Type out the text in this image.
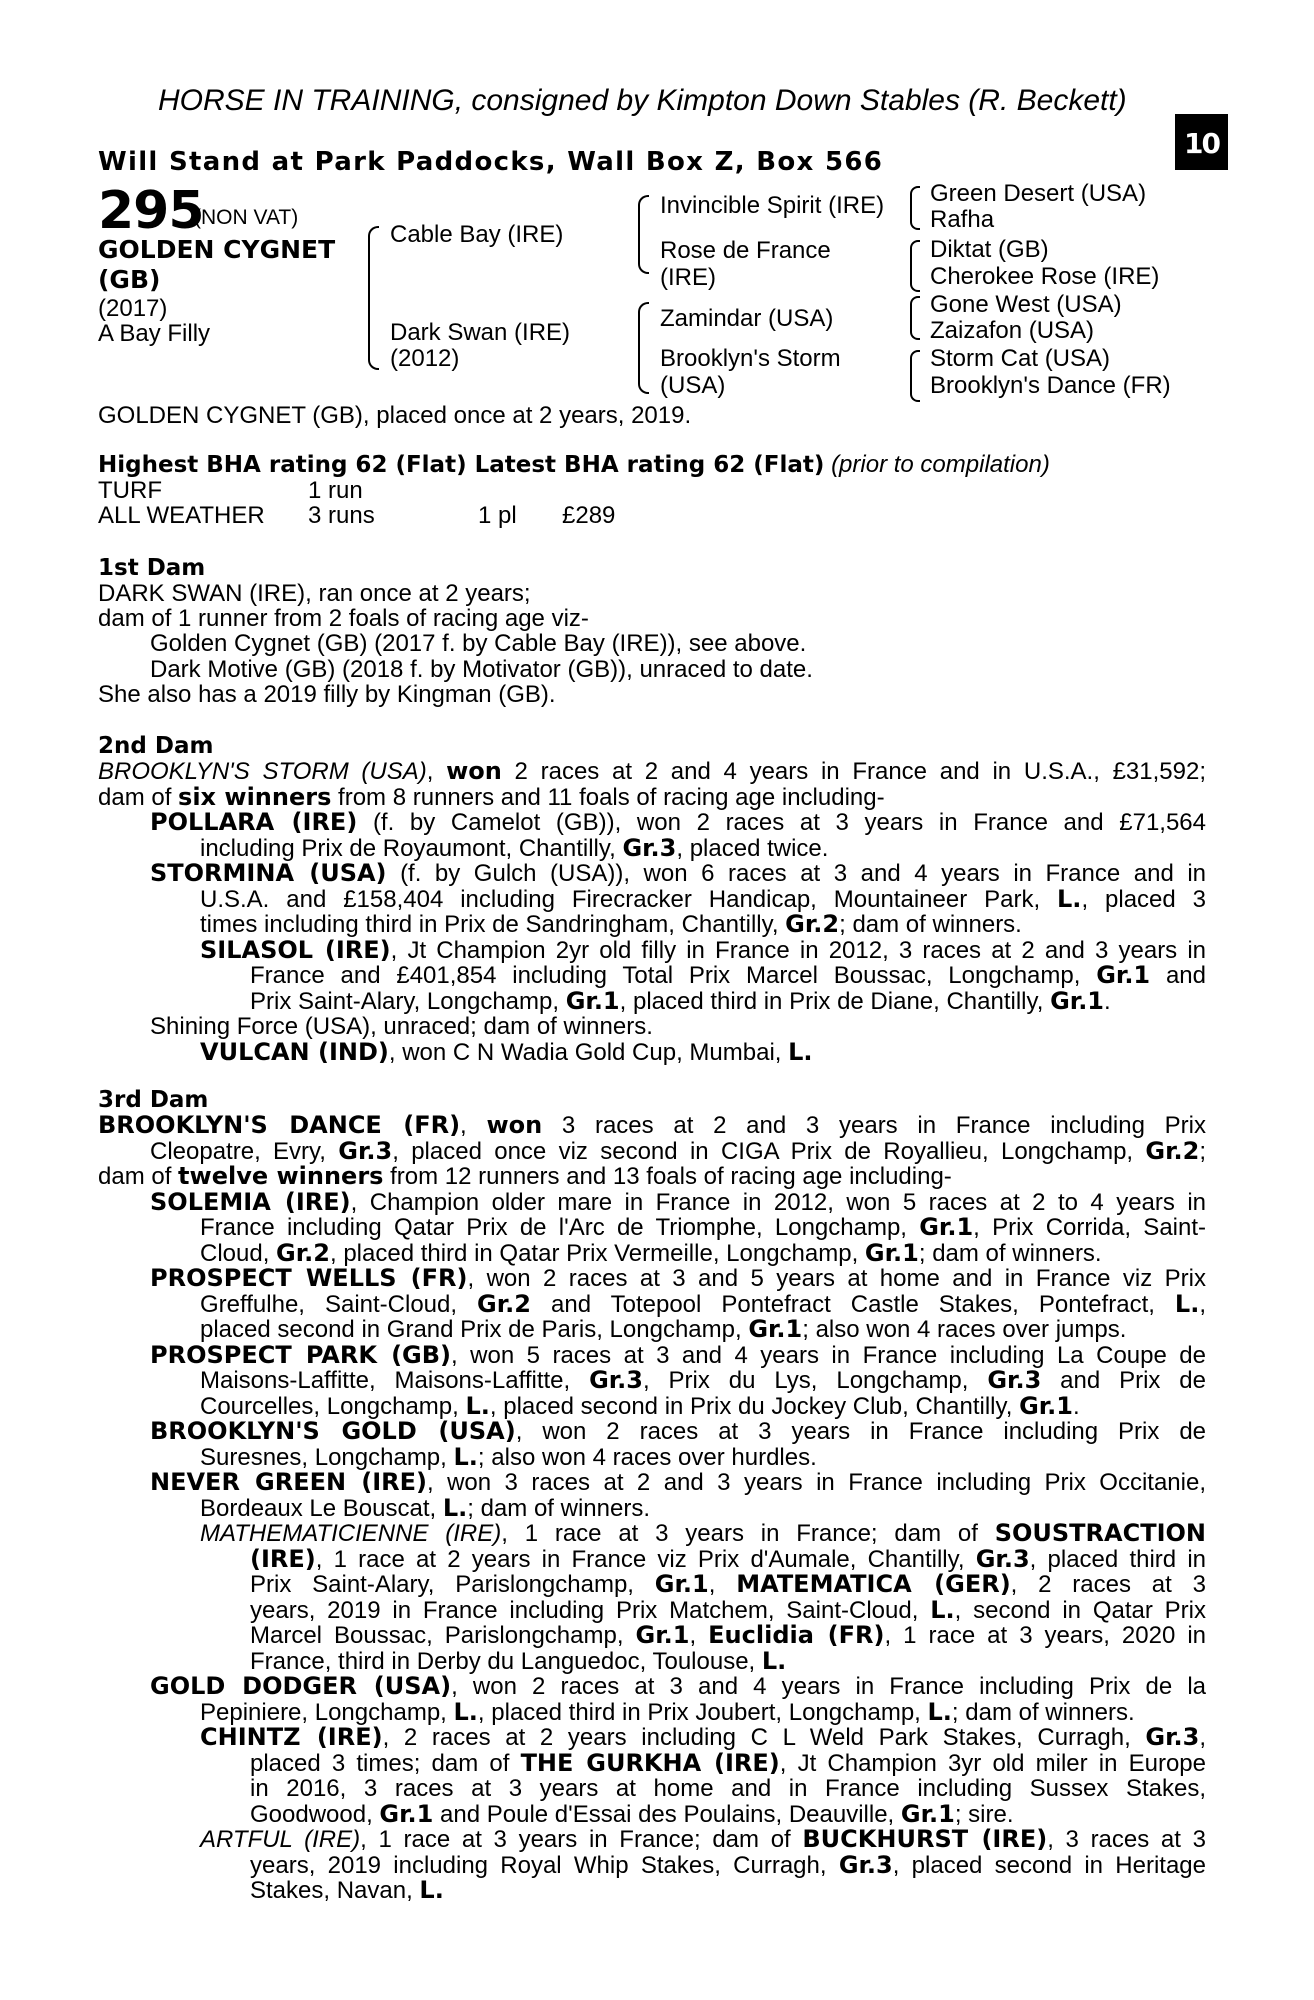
HORSE IN TRAINING, consigned by Kimpton Down Stables (R. Beckett)
Will Stand at Park Paddocks, Wall Box Z, Box 566
+
10
295
(NON VAT)
GOLDEN CYGNET
(GB)
(2017)
A Bay Filly
Cable Bay (IRE)
Dark Swan (IRE)
(2012)
Invincible Spirit (IRE)
Rose de France
(IRE)
Zamindar (USA)
Brooklyn's Storm
(USA)
Green Desert (USA)
Rafha
Diktat (GB)
Cherokee Rose (IRE)
Gone West (USA)
Zaizafon (USA)
Storm Cat (USA)
Brooklyn's Dance (FR)
GOLDEN CYGNET (GB), placed once at 2 years, 2019.
Highest BHA rating 62 (Flat) Latest BHA rating 62 (Flat) (prior to compilation)
TURF	1 run
ALL WEATHER 3 runs	1 pl £289
1st Dam
DARK SWAN (IRE), ran once at 2 years;
dam of 1 runner from 2 foals of racing age viz-
Golden Cygnet (GB) (2017 f. by Cable Bay (IRE)), see above.
Dark Motive (GB) (2018 f. by Motivator (GB)), unraced to date.
She also has a 2019 filly by Kingman (GB).
2nd Dam
BROOKLYN'S STORM (USA), won 2 races at 2 and 4 years in France and in U.S.A., £31,592;
dam of six winners from 8 runners and 11 foals of racing age including-
POLLARA (IRE) (f. by Camelot (GB)), won 2 races at 3 years in France and £71,564
including Prix de Royaumont, Chantilly, Gr.3, placed twice.
STORMINA (USA) (f. by Gulch (USA)), won 6 races at 3 and 4 years in France and in
U.S.A. and £158,404 including Firecracker Handicap, Mountaineer Park, L., placed 3
times including third in Prix de Sandringham, Chantilly, Gr.2; dam of winners.
SILASOL (IRE), Jt Champion 2yr old filly in France in 2012, 3 races at 2 and 3 years in
France and £401,854 including Total Prix Marcel Boussac, Longchamp, Gr.1 and
Prix Saint-Alary, Longchamp, Gr.1, placed third in Prix de Diane, Chantilly, Gr.1.
Shining Force (USA), unraced; dam of winners.
VULCAN (IND), won C N Wadia Gold Cup, Mumbai, L.
3rd Dam
BROOKLYN'S DANCE (FR), won 3 races at 2 and 3 years in France including Prix
Cleopatre, Evry, Gr.3, placed once viz second in CIGA Prix de Royallieu, Longchamp, Gr.2;
dam of twelve winners from 12 runners and 13 foals of racing age including-
SOLEMIA (IRE), Champion older mare in France in 2012, won 5 races at 2 to 4 years in
France including Qatar Prix de l'Arc de Triomphe, Longchamp, Gr.1, Prix Corrida, Saint-
Cloud, Gr.2, placed third in Qatar Prix Vermeille, Longchamp, Gr.1; dam of winners.
PROSPECT WELLS (FR), won 2 races at 3 and 5 years at home and in France viz Prix
Greffulhe, Saint-Cloud, Gr.2 and Totepool Pontefract Castle Stakes, Pontefract, L.,
placed second in Grand Prix de Paris, Longchamp, Gr.1; also won 4 races over jumps.
PROSPECT PARK (GB), won 5 races at 3 and 4 years in France including La Coupe de
Maisons-Laffitte, Maisons-Laffitte, Gr.3, Prix du Lys, Longchamp, Gr.3 and Prix de
Courcelles, Longchamp, L., placed second in Prix du Jockey Club, Chantilly, Gr.1.
BROOKLYN'S GOLD (USA), won 2 races at 3 years in France including Prix de
Suresnes, Longchamp, L.; also won 4 races over hurdles.
NEVER GREEN (IRE), won 3 races at 2 and 3 years in France including Prix Occitanie,
Bordeaux Le Bouscat, L.; dam of winners.
MATHEMATICIENNE (IRE), 1 race at 3 years in France; dam of SOUSTRACTION
(IRE), 1 race at 2 years in France viz Prix d'Aumale, Chantilly, Gr.3, placed third in
Prix Saint-Alary, Parislongchamp, Gr.1, MATEMATICA (GER), 2 races at 3
years, 2019 in France including Prix Matchem, Saint-Cloud, L., second in Qatar Prix
Marcel Boussac, Parislongchamp, Gr.1, Euclidia (FR), 1 race at 3 years, 2020 in
France, third in Derby du Languedoc, Toulouse, L.
GOLD DODGER (USA), won 2 races at 3 and 4 years in France including Prix de la
Pepiniere, Longchamp, L., placed third in Prix Joubert, Longchamp, L.; dam of winners.
CHINTZ (IRE), 2 races at 2 years including C L Weld Park Stakes, Curragh, Gr.3,
placed 3 times; dam of THE GURKHA (IRE), Jt Champion 3yr old miler in Europe
in 2016, 3 races at 3 years at home and in France including Sussex Stakes,
Goodwood, Gr.1 and Poule d'Essai des Poulains, Deauville, Gr.1; sire.
ARTFUL (IRE), 1 race at 3 years in France; dam of BUCKHURST (IRE), 3 races at 3
years, 2019 including Royal Whip Stakes, Curragh, Gr.3, placed second in Heritage
Stakes, Navan, L.
